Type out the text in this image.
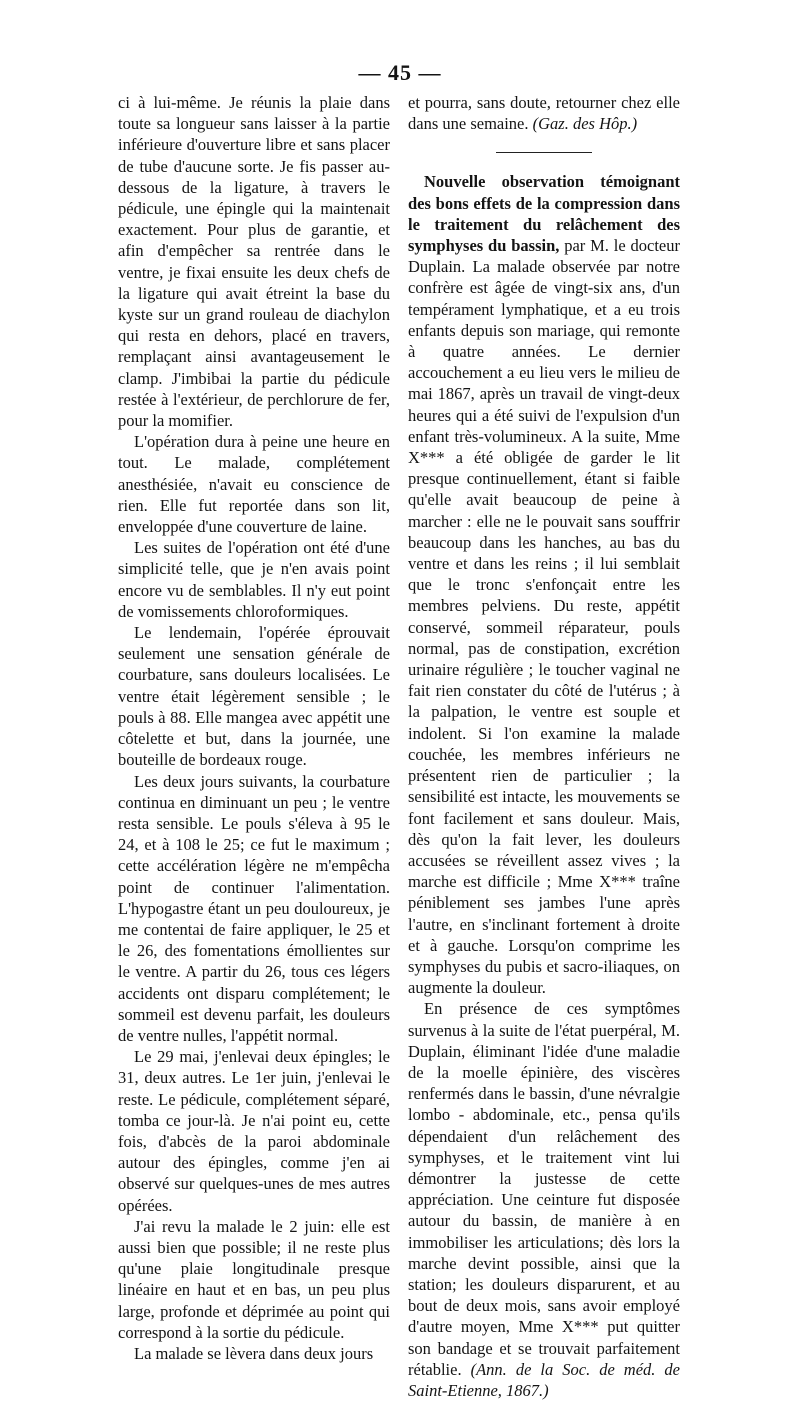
— 45 —

ci à lui-même. Je réunis la plaie dans toute sa longueur sans laisser à la partie inférieure d'ouverture libre et sans placer de tube d'aucune sorte. Je fis passer au-dessous de la ligature, à travers le pédicule, une épingle qui la maintenait exactement. Pour plus de garantie, et afin d'empêcher sa rentrée dans le ventre, je fixai ensuite les deux chefs de la ligature qui avait étreint la base du kyste sur un grand rouleau de diachylon qui resta en dehors, placé en travers, remplaçant ainsi avantageusement le clamp. J'imbibai la partie du pédicule restée à l'extérieur, de perchlorure de fer, pour la momifier.

L'opération dura à peine une heure en tout. Le malade, complétement anesthésiée, n'avait eu conscience de rien. Elle fut reportée dans son lit, enveloppée d'une couverture de laine.

Les suites de l'opération ont été d'une simplicité telle, que je n'en avais point encore vu de semblables. Il n'y eut point de vomissements chloroformiques.

Le lendemain, l'opérée éprouvait seulement une sensation générale de courbature, sans douleurs localisées. Le ventre était légèrement sensible ; le pouls à 88. Elle mangea avec appétit une côtelette et but, dans la journée, une bouteille de bordeaux rouge.

Les deux jours suivants, la courbature continua en diminuant un peu ; le ventre resta sensible. Le pouls s'éleva à 95 le 24, et à 108 le 25; ce fut le maximum ; cette accélération légère ne m'empêcha point de continuer l'alimentation. L'hypogastre étant un peu douloureux, je me contentai de faire appliquer, le 25 et le 26, des fomentations émollientes sur le ventre. A partir du 26, tous ces légers accidents ont disparu complétement; le sommeil est devenu parfait, les douleurs de ventre nulles, l'appétit normal.

Le 29 mai, j'enlevai deux épingles; le 31, deux autres. Le 1er juin, j'enlevai le reste. Le pédicule, complétement séparé, tomba ce jour-là. Je n'ai point eu, cette fois, d'abcès de la paroi abdominale autour des épingles, comme j'en ai observé sur quelques-unes de mes autres opérées.

J'ai revu la malade le 2 juin: elle est aussi bien que possible; il ne reste plus qu'une plaie longitudinale presque linéaire en haut et en bas, un peu plus large, profonde et déprimée au point qui correspond à la sortie du pédicule.

La malade se lèvera dans deux jours

et pourra, sans doute, retourner chez elle dans une semaine. (Gaz. des Hôp.)

Nouvelle observation témoignant des bons effets de la compression dans le traitement du relâchement des symphyses du bassin, par M. le docteur Duplain. La malade observée par notre confrère est âgée de vingt-six ans, d'un tempérament lymphatique, et a eu trois enfants depuis son mariage, qui remonte à quatre années. Le dernier accouchement a eu lieu vers le milieu de mai 1867, après un travail de vingt-deux heures qui a été suivi de l'expulsion d'un enfant très-volumineux. A la suite, Mme X*** a été obligée de garder le lit presque continuellement, étant si faible qu'elle avait beaucoup de peine à marcher : elle ne le pouvait sans souffrir beaucoup dans les hanches, au bas du ventre et dans les reins ; il lui semblait que le tronc s'enfonçait entre les membres pelviens. Du reste, appétit conservé, sommeil réparateur, pouls normal, pas de constipation, excrétion urinaire régulière ; le toucher vaginal ne fait rien constater du côté de l'utérus ; à la palpation, le ventre est souple et indolent. Si l'on examine la malade couchée, les membres inférieurs ne présentent rien de particulier ; la sensibilité est intacte, les mouvements se font facilement et sans douleur. Mais, dès qu'on la fait lever, les douleurs accusées se réveillent assez vives ; la marche est difficile ; Mme X*** traîne péniblement ses jambes l'une après l'autre, en s'inclinant fortement à droite et à gauche. Lorsqu'on comprime les symphyses du pubis et sacro-iliaques, on augmente la douleur.

En présence de ces symptômes survenus à la suite de l'état puerpéral, M. Duplain, éliminant l'idée d'une maladie de la moelle épinière, des viscères renfermés dans le bassin, d'une névralgie lombo - abdominale, etc., pensa qu'ils dépendaient d'un relâchement des symphyses, et le traitement vint lui démontrer la justesse de cette appréciation. Une ceinture fut disposée autour du bassin, de manière à en immobiliser les articulations; dès lors la marche devint possible, ainsi que la station; les douleurs disparurent, et au bout de deux mois, sans avoir employé d'autre moyen, Mme X*** put quitter son bandage et se trouvait parfaitement rétablie. (Ann. de la Soc. de méd. de Saint-Etienne, 1867.)
